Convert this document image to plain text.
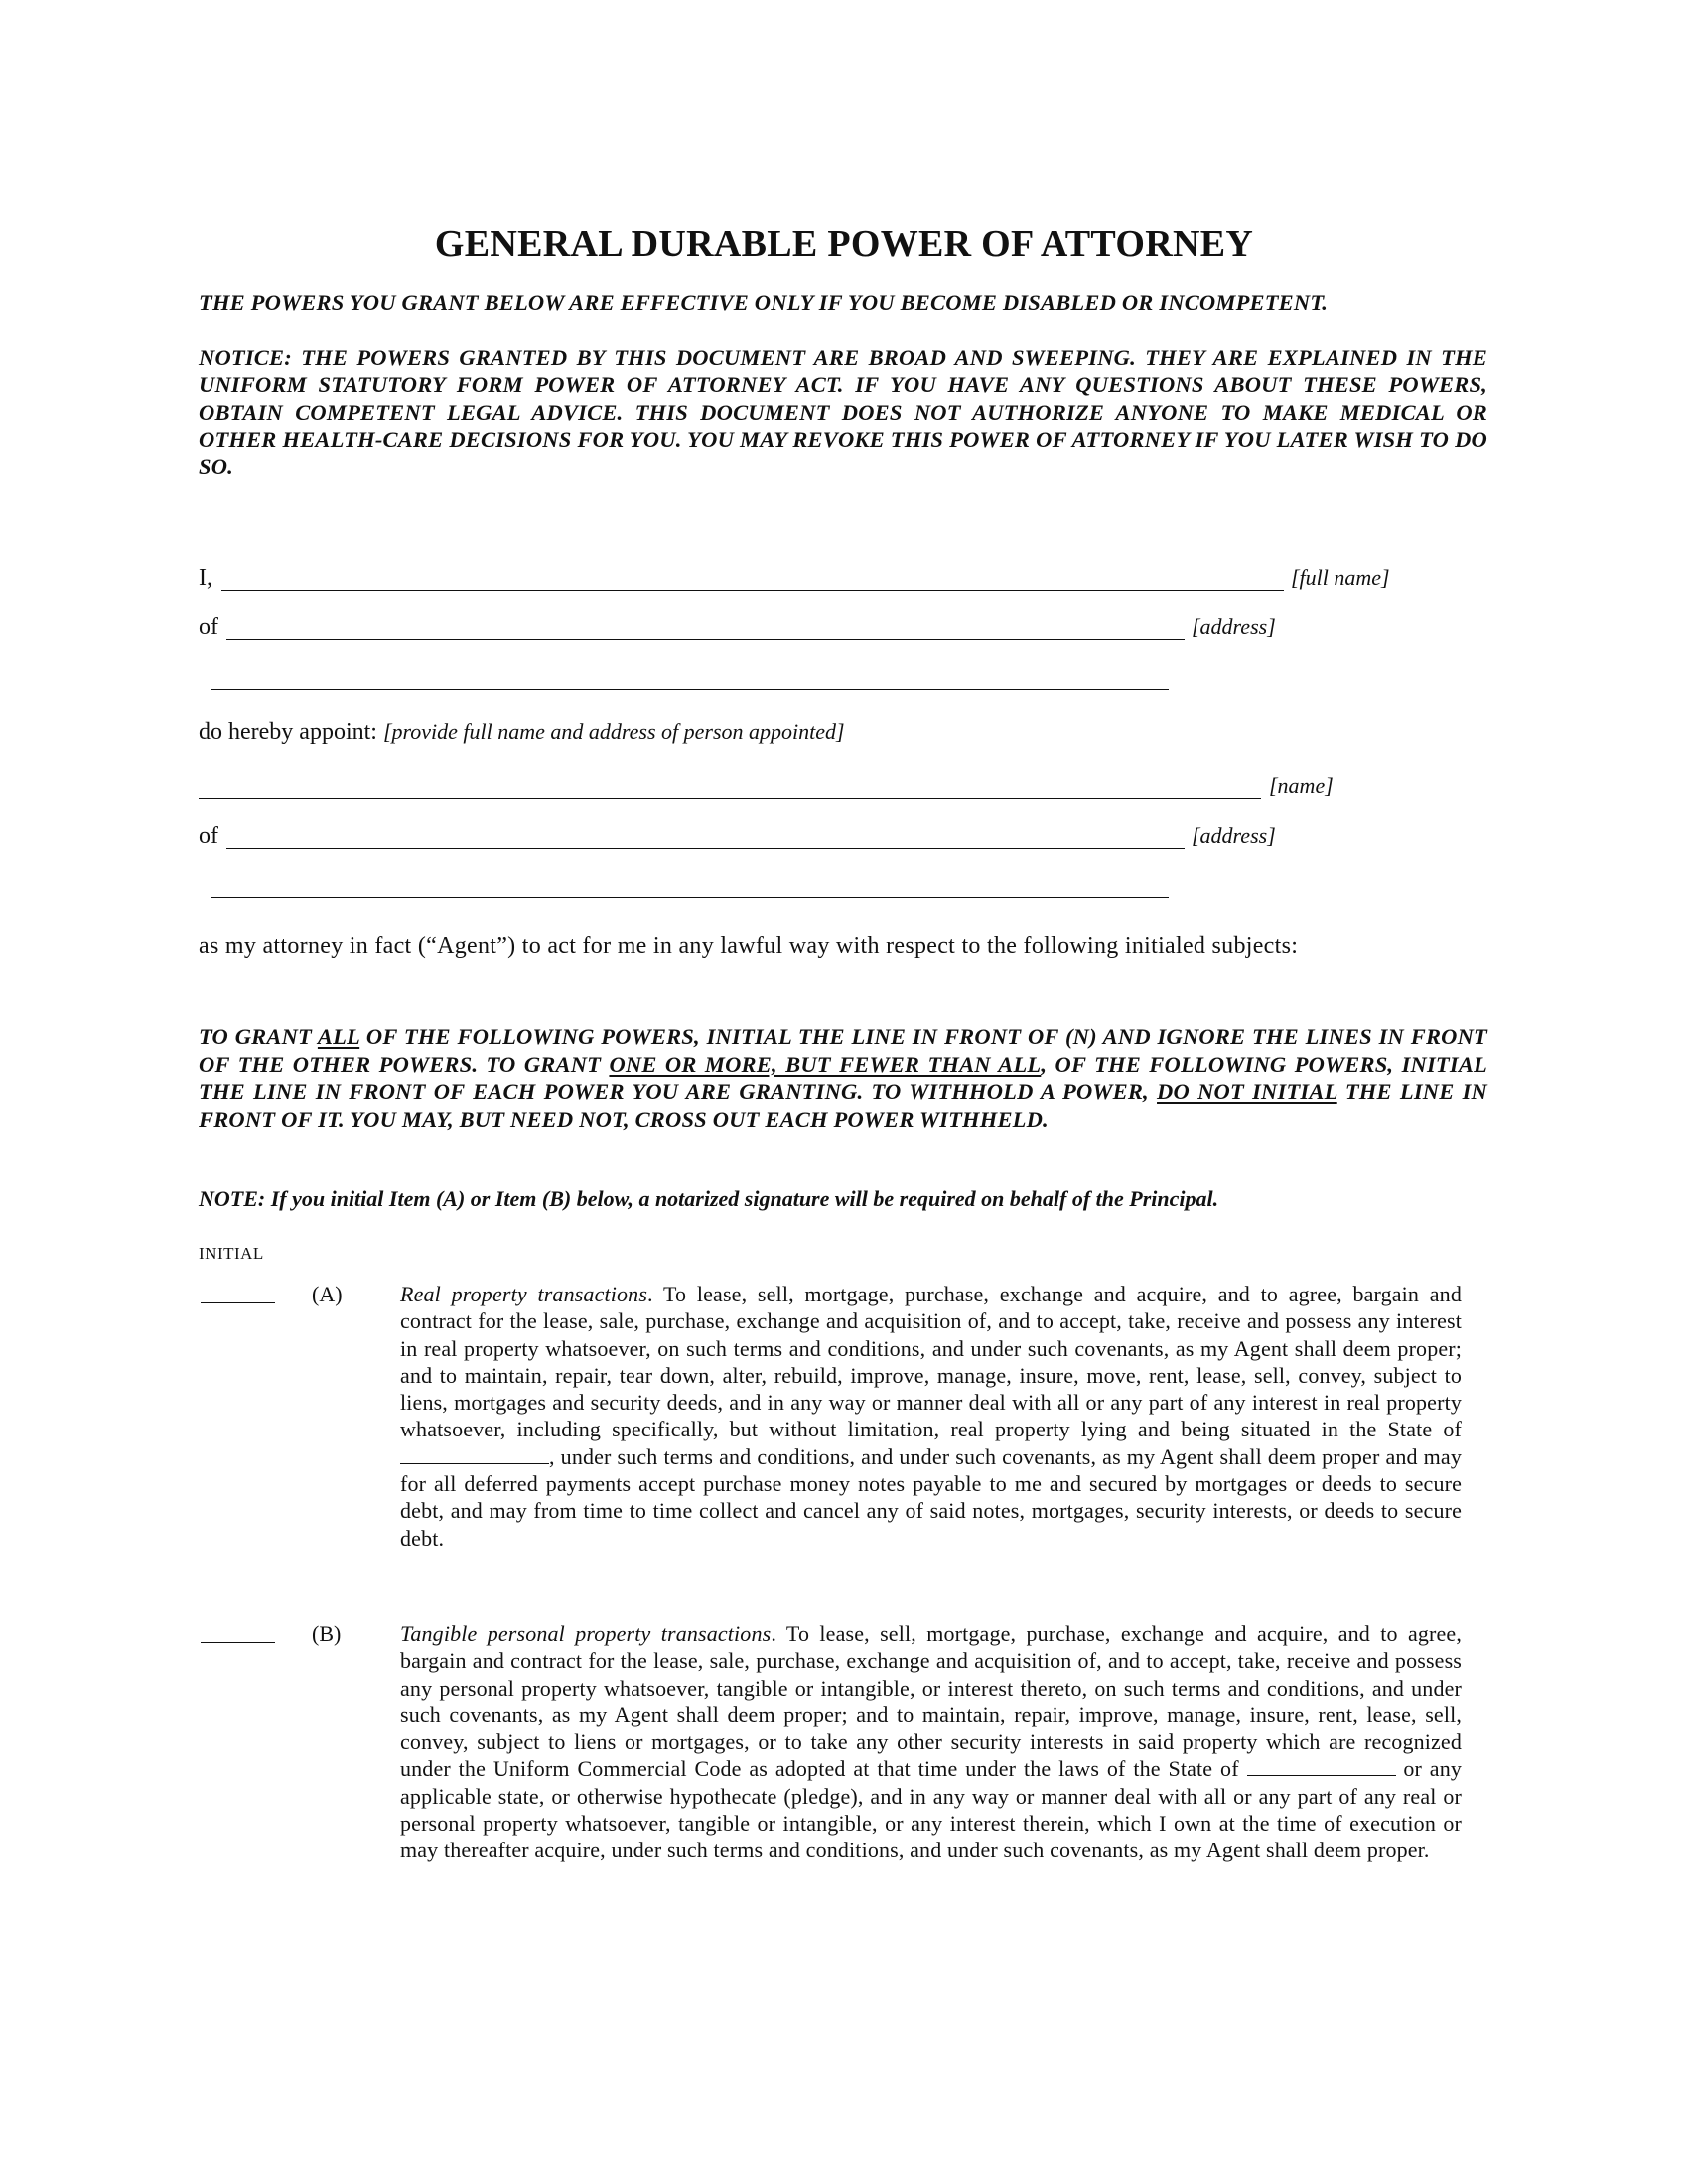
GENERAL DURABLE POWER OF ATTORNEY
THE POWERS YOU GRANT BELOW ARE EFFECTIVE ONLY IF YOU BECOME DISABLED OR INCOMPETENT.
NOTICE: THE POWERS GRANTED BY THIS DOCUMENT ARE BROAD AND SWEEPING. THEY ARE EXPLAINED IN THE UNIFORM STATUTORY FORM POWER OF ATTORNEY ACT. IF YOU HAVE ANY QUESTIONS ABOUT THESE POWERS, OBTAIN COMPETENT LEGAL ADVICE. THIS DOCUMENT DOES NOT AUTHORIZE ANYONE TO MAKE MEDICAL OR OTHER HEALTH-CARE DECISIONS FOR YOU. YOU MAY REVOKE THIS POWER OF ATTORNEY IF YOU LATER WISH TO DO SO.
I,	[full name]
of	[address]
do hereby appoint: [provide full name and address of person appointed]
[name]
of	[address]
as my attorney in fact (“Agent”) to act for me in any lawful way with respect to the following initialed subjects:
TO GRANT ALL OF THE FOLLOWING POWERS, INITIAL THE LINE IN FRONT OF (N) AND IGNORE THE LINES IN FRONT OF THE OTHER POWERS. TO GRANT ONE OR MORE, BUT FEWER THAN ALL, OF THE FOLLOWING POWERS, INITIAL THE LINE IN FRONT OF EACH POWER YOU ARE GRANTING. TO WITHHOLD A POWER, DO NOT INITIAL THE LINE IN FRONT OF IT. YOU MAY, BUT NEED NOT, CROSS OUT EACH POWER WITHHELD.
NOTE: If you initial Item (A) or Item (B) below, a notarized signature will be required on behalf of the Principal.
INITIAL
(A)	Real property transactions. To lease, sell, mortgage, purchase, exchange and acquire, and to agree, bargain and contract for the lease, sale, purchase, exchange and acquisition of, and to accept, take, receive and possess any interest in real property whatsoever, on such terms and conditions, and under such covenants, as my Agent shall deem proper; and to maintain, repair, tear down, alter, rebuild, improve, manage, insure, move, rent, lease, sell, convey, subject to liens, mortgages and security deeds, and in any way or manner deal with all or any part of any interest in real property whatsoever, including specifically, but without limitation, real property lying and being situated in the State of , under such terms and conditions, and under such covenants, as my Agent shall deem proper and may for all deferred payments accept purchase money notes payable to me and secured by mortgages or deeds to secure debt, and may from time to time collect and cancel any of said notes, mortgages, security interests, or deeds to secure debt.
(B)	Tangible personal property transactions. To lease, sell, mortgage, purchase, exchange and acquire, and to agree, bargain and contract for the lease, sale, purchase, exchange and acquisition of, and to accept, take, receive and possess any personal property whatsoever, tangible or intangible, or interest thereto, on such terms and conditions, and under such covenants, as my Agent shall deem proper; and to maintain, repair, improve, manage, insure, rent, lease, sell, convey, subject to liens or mortgages, or to take any other security interests in said property which are recognized under the Uniform Commercial Code as adopted at that time under the laws of the State of	or any applicable state, or otherwise hypothecate (pledge), and in any way or manner deal with all or any part of any real or personal property whatsoever, tangible or intangible, or any interest therein, which I own at the time of execution or may thereafter acquire, under such terms and conditions, and under such covenants, as my Agent shall deem proper.
